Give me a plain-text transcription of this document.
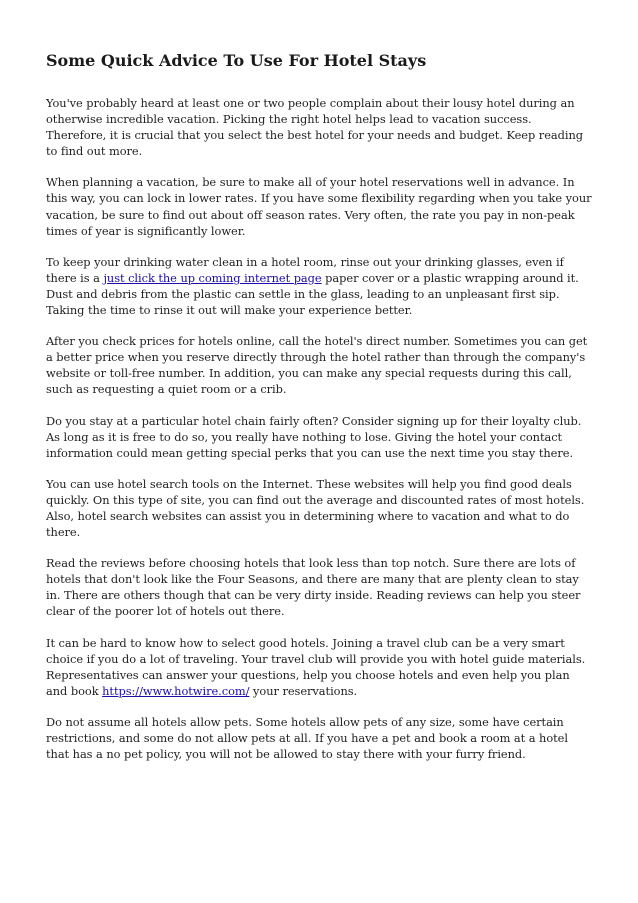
Some Quick Advice To Use For Hotel Stays

You've probably heard at least one or two people complain about their lousy hotel during an otherwise incredible vacation. Picking the right hotel helps lead to vacation success. Therefore, it is crucial that you select the best hotel for your needs and budget. Keep reading to find out more.

When planning a vacation, be sure to make all of your hotel reservations well in advance. In this way, you can lock in lower rates. If you have some flexibility regarding when you take your vacation, be sure to find out about off season rates. Very often, the rate you pay in non-peak times of year is significantly lower.

To keep your drinking water clean in a hotel room, rinse out your drinking glasses, even if there is a just click the up coming internet page paper cover or a plastic wrapping around it. Dust and debris from the plastic can settle in the glass, leading to an unpleasant first sip. Taking the time to rinse it out will make your experience better.

After you check prices for hotels online, call the hotel's direct number. Sometimes you can get a better price when you reserve directly through the hotel rather than through the company's website or toll-free number. In addition, you can make any special requests during this call, such as requesting a quiet room or a crib.

Do you stay at a particular hotel chain fairly often? Consider signing up for their loyalty club. As long as it is free to do so, you really have nothing to lose. Giving the hotel your contact information could mean getting special perks that you can use the next time you stay there.

You can use hotel search tools on the Internet. These websites will help you find good deals quickly. On this type of site, you can find out the average and discounted rates of most hotels. Also, hotel search websites can assist you in determining where to vacation and what to do there.

Read the reviews before choosing hotels that look less than top notch. Sure there are lots of hotels that don't look like the Four Seasons, and there are many that are plenty clean to stay in. There are others though that can be very dirty inside. Reading reviews can help you steer clear of the poorer lot of hotels out there.

It can be hard to know how to select good hotels. Joining a travel club can be a very smart choice if you do a lot of traveling. Your travel club will provide you with hotel guide materials. Representatives can answer your questions, help you choose hotels and even help you plan and book https://www.hotwire.com/ your reservations.

Do not assume all hotels allow pets. Some hotels allow pets of any size, some have certain restrictions, and some do not allow pets at all. If you have a pet and book a room at a hotel that has a no pet policy, you will not be allowed to stay there with your furry friend.
